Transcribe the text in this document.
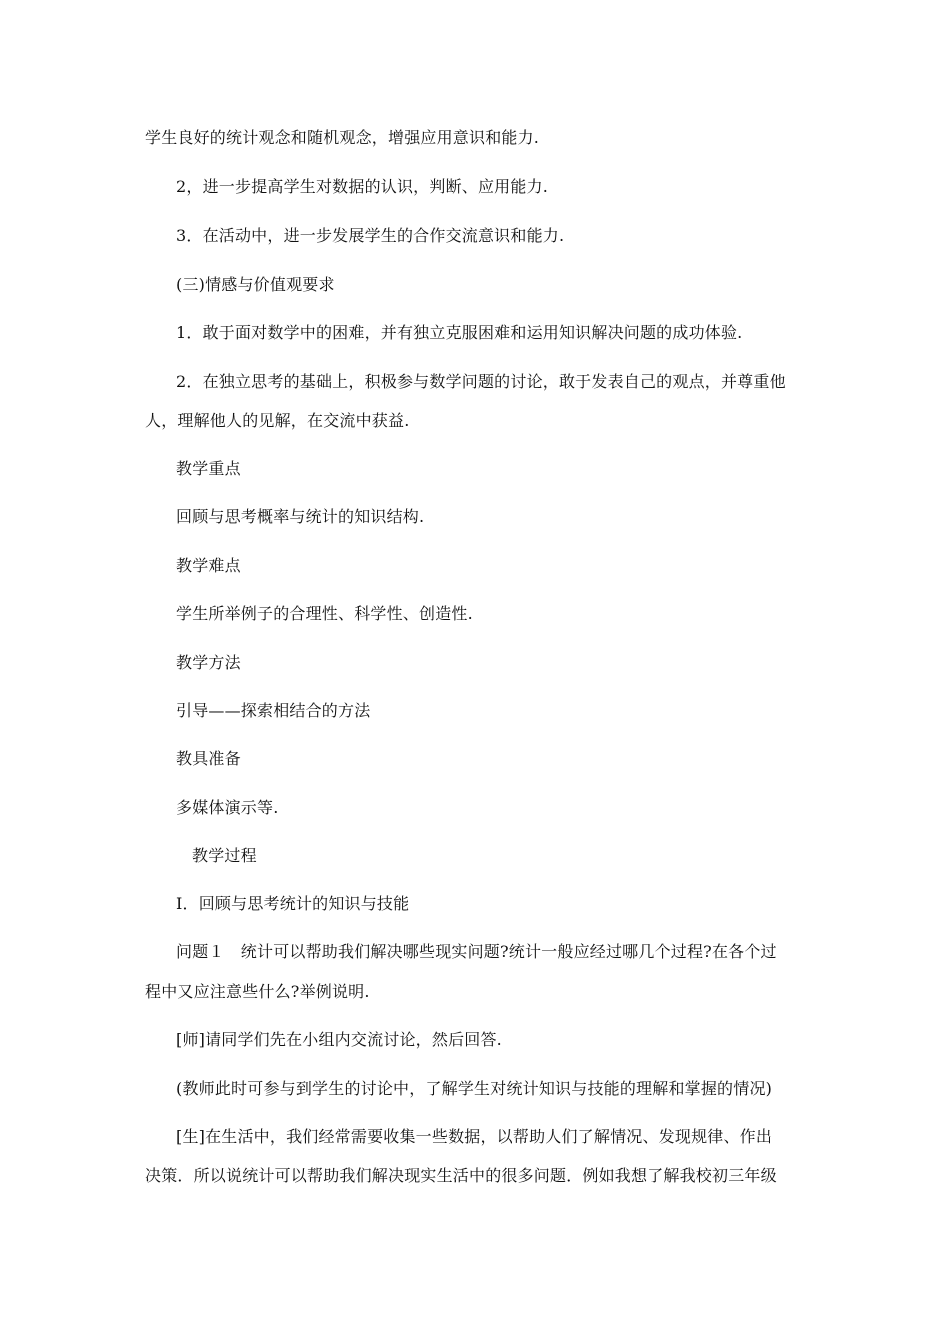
学生良好的统计观念和随机观念，增强应用意识和能力.
2，进一步提高学生对数据的认识，判断、应用能力.
3．在活动中，进一步发展学生的合作交流意识和能力.
(三)情感与价值观要求
1．敢于面对数学中的困难，并有独立克服困难和运用知识解决问题的成功体验.
2．在独立思考的基础上，积极参与数学问题的讨论，敢于发表自己的观点，并尊重他
人，理解他人的见解，在交流中获益.
教学重点
回顾与思考概率与统计的知识结构.
教学难点
学生所举例子的合理性、科学性、创造性.
教学方法
引导——探索相结合的方法
教具准备
多媒体演示等.
教学过程
Ⅰ．回顾与思考统计的知识与技能
问题１　统计可以帮助我们解决哪些现实问题?统计一般应经过哪几个过程?在各个过
程中又应注意些什么?举例说明.
[师]请同学们先在小组内交流讨论，然后回答.
(教师此时可参与到学生的讨论中，了解学生对统计知识与技能的理解和掌握的情况)
[生]在生活中，我们经常需要收集一些数据，以帮助人们了解情况、发现规律、作出
决策．所以说统计可以帮助我们解决现实生活中的很多问题．例如我想了解我校初三年级
